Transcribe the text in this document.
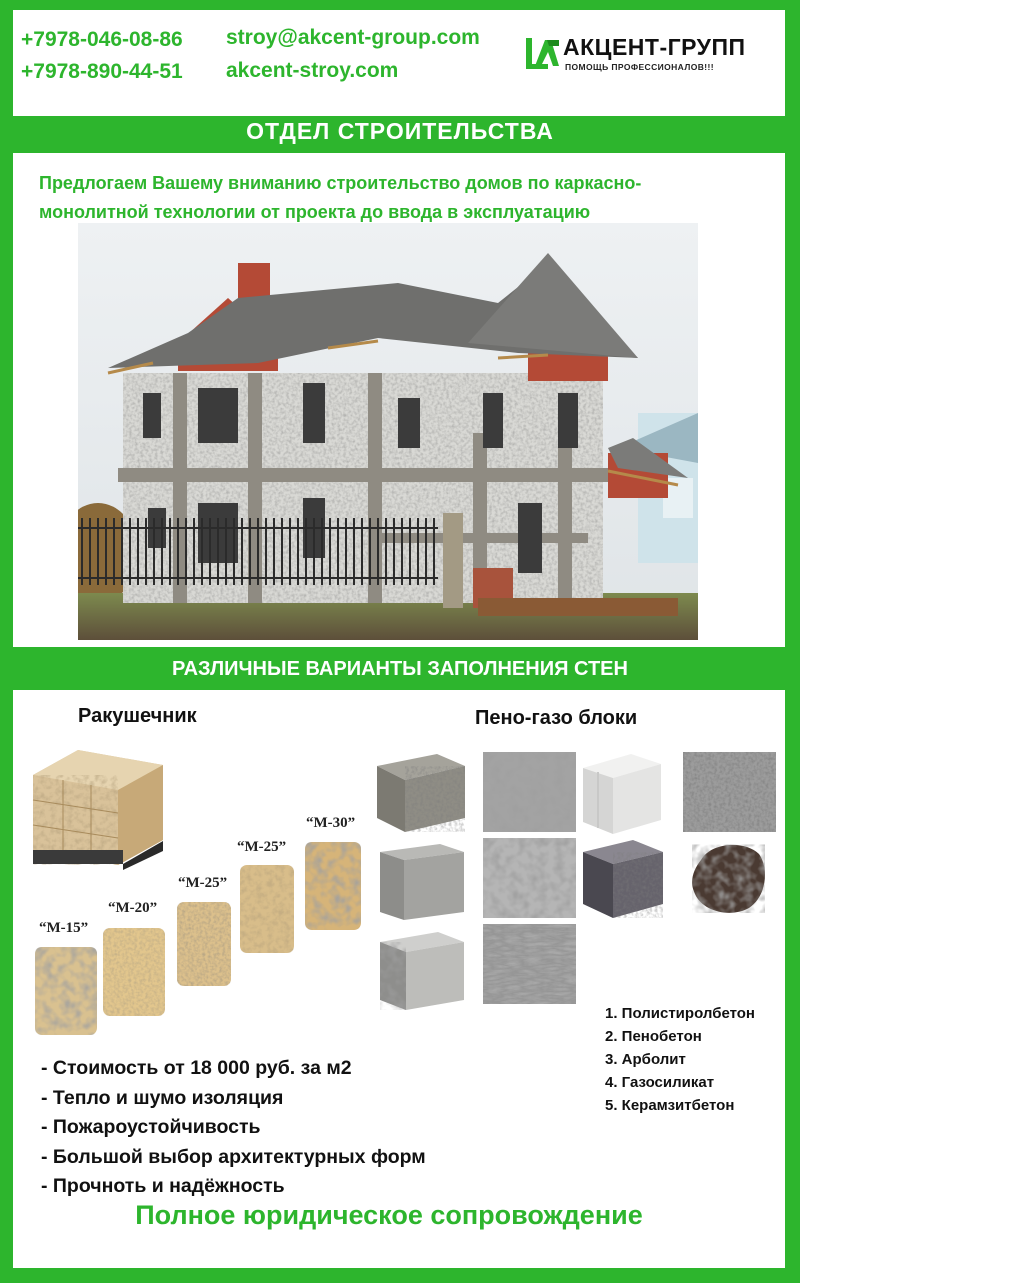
+7978-046-08-86
+7978-890-44-51
stroy@akcent-group.com
akcent-stroy.com
АКЦЕНТ-ГРУПП
ПОМОЩЬ ПРОФЕССИОНАЛОВ!!!
ОТДЕЛ СТРОИТЕЛЬСТВА
Предлогаем Вашему вниманию строительство домов по каркасно-
монолитной технологии от проекта до ввода в эксплуатацию
РАЗЛИЧНЫЕ ВАРИАНТЫ ЗАПОЛНЕНИЯ СТЕН
Ракушечник	Пено-газо блоки
“M-15”
“M-20”
“M-25”
“M-25”
“M-30”
1. Полистиролбетон
2. Пенобетон
3. Арболит
4. Газосиликат
5. Керамзитбетон
- Стоимость от 18 000 руб. за м2
- Тепло и шумо изоляция
- Пожароустойчивость
- Большой выбор архитектурных форм
- Прочноть и надёжность
Полное юридическое сопровождение
